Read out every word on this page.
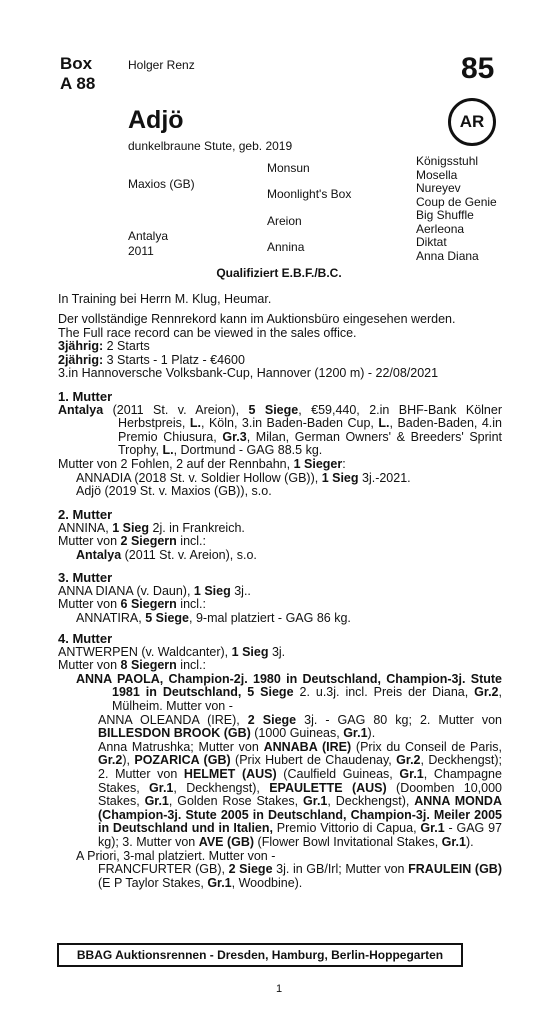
Box
A 88
Holger Renz	85
Adjö	AR
dunkelbraune Stute, geb. 2019
Maxios (GB)
Antalya
2011
Monsun
Moonlight's Box
Areion
Annina
Königsstuhl
Mosella
Nureyev
Coup de Genie
Big Shuffle
Aerleona
Diktat
Anna Diana
Qualifiziert E.B.F./B.C.
In Training bei Herrn M. Klug, Heumar.
Der vollständige Rennrekord kann im Auktionsbüro eingesehen werden.
The Full race record can be viewed in the sales office.
3jährig: 2 Starts
2jährig: 3 Starts - 1 Platz - €4600
3.in Hannoversche Volksbank-Cup, Hannover (1200 m) - 22/08/2021
1. Mutter
Antalya (2011 St. v. Areion), 5 Siege, €59,440, 2.in BHF-Bank Kölner Herbstpreis, L., Köln, 3.in Baden-Baden Cup, L., Baden-Baden, 4.in Premio Chiusura, Gr.3, Milan, German Owners' & Breeders' Sprint Trophy, L., Dortmund - GAG 88.5 kg.
Mutter von 2 Fohlen, 2 auf der Rennbahn, 1 Sieger:
ANNADIA (2018 St. v. Soldier Hollow (GB)), 1 Sieg 3j.-2021.
Adjö (2019 St. v. Maxios (GB)), s.o.
2. Mutter
ANNINA, 1 Sieg 2j. in Frankreich.
Mutter von 2 Siegern incl.:
Antalya (2011 St. v. Areion), s.o.
3. Mutter
ANNA DIANA (v. Daun), 1 Sieg 3j..
Mutter von 6 Siegern incl.:
ANNATIRA, 5 Siege, 9-mal platziert - GAG 86 kg.
4. Mutter
ANTWERPEN (v. Waldcanter), 1 Sieg 3j.
Mutter von 8 Siegern incl.:
ANNA PAOLA, Champion-2j. 1980 in Deutschland, Champion-3j. Stute 1981 in Deutschland, 5 Siege 2. u.3j. incl. Preis der Diana, Gr.2, Mülheim. Mutter von -
ANNA OLEANDA (IRE), 2 Siege 3j. - GAG 80 kg; 2. Mutter von BILLESDON BROOK (GB) (1000 Guineas, Gr.1).
Anna Matrushka; Mutter von ANNABA (IRE) (Prix du Conseil de Paris, Gr.2), POZARICA (GB) (Prix Hubert de Chaudenay, Gr.2, Deckhengst); 2. Mutter von HELMET (AUS) (Caulfield Guineas, Gr.1, Champagne Stakes, Gr.1, Deckhengst), EPAULETTE (AUS) (Doomben 10,000 Stakes, Gr.1, Golden Rose Stakes, Gr.1, Deckhengst), ANNA MONDA (Champion-3j. Stute 2005 in Deutschland, Champion-3j. Meiler 2005 in Deutschland und in Italien, Premio Vittorio di Capua, Gr.1 - GAG 97 kg); 3. Mutter von AVE (GB) (Flower Bowl Invitational Stakes, Gr.1).
A Priori, 3-mal platziert. Mutter von -
FRANCFURTER (GB), 2 Siege 3j. in GB/Irl; Mutter von FRAULEIN (GB) (E P Taylor Stakes, Gr.1, Woodbine).
BBAG Auktionsrennen - Dresden, Hamburg, Berlin-Hoppegarten
1
